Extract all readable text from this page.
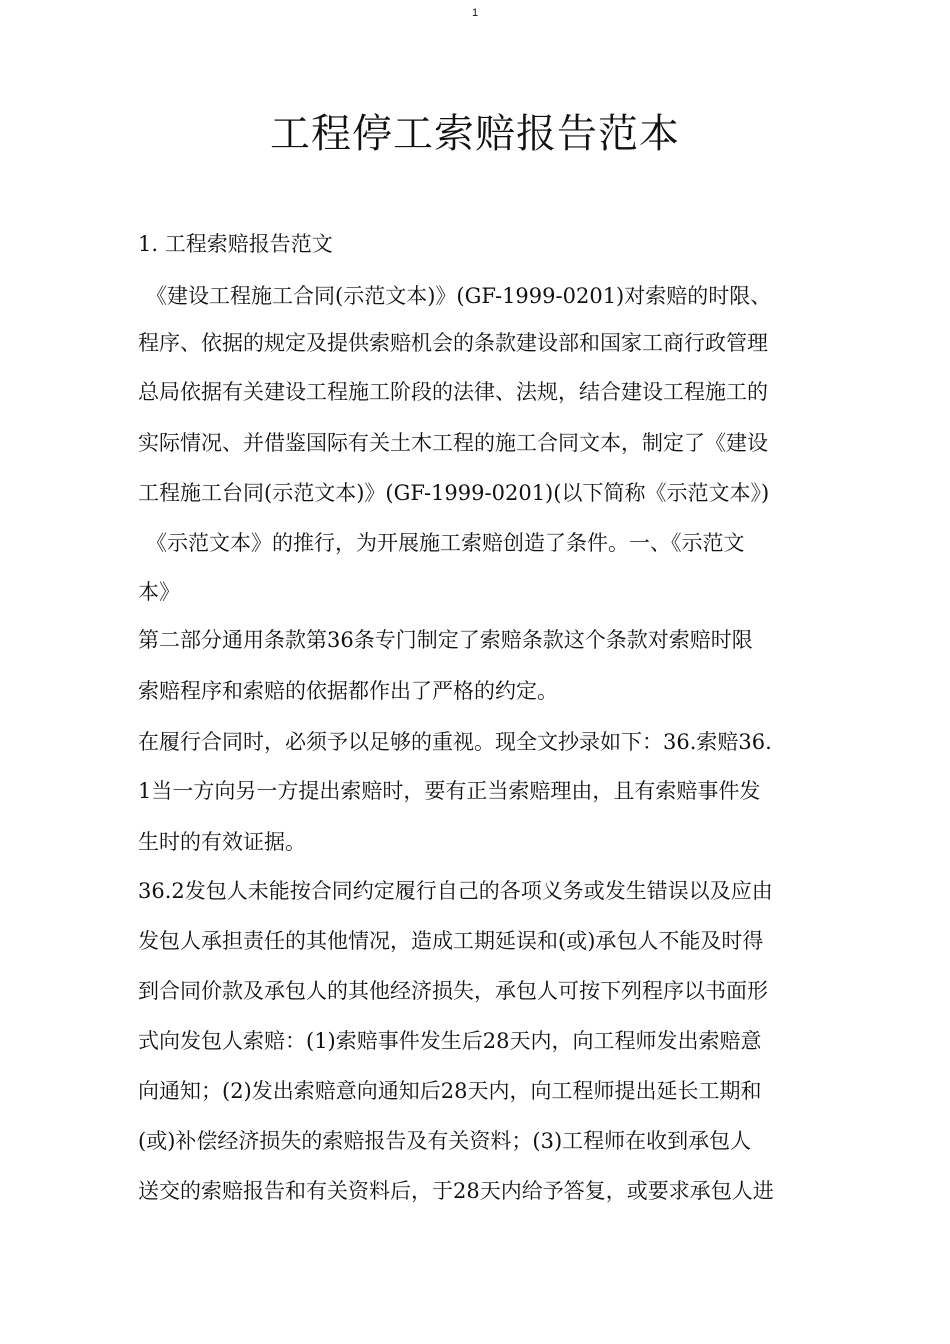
1
工程停工索赔报告范本
1. 工程索赔报告范文
《建设工程施工合同(示范文本)》(GF-1999-0201)对索赔的时限、
程序、依据的规定及提供索赔机会的条款建设部和国家工商行政管理
总局依据有关建设工程施工阶段的法律、法规，结合建设工程施工的
实际情况、并借鉴国际有关土木工程的施工合同文本，制定了《建设
工程施工台同(示范文本)》(GF-1999-0201)(以下简称《示范文本》)
《示范文本》的推行，为开展施工索赔创造了条件。一、《示范文
本》
第二部分通用条款第36条专门制定了索赔条款这个条款对索赔时限
索赔程序和索赔的依据都作出了严格的约定。
在履行合同时，必须予以足够的重视。现全文抄录如下：36.索赔36.
1当一方向另一方提出索赔时，要有正当索赔理由，且有索赔事件发
生时的有效证据。
36.2发包人未能按合同约定履行自己的各项义务或发生错误以及应由
发包人承担责任的其他情况，造成工期延误和(或)承包人不能及时得
到合同价款及承包人的其他经济损失，承包人可按下列程序以书面形
式向发包人索赔：(1)索赔事件发生后28天内，向工程师发出索赔意
向通知；(2)发出索赔意向通知后28天内，向工程师提出延长工期和
(或)补偿经济损失的索赔报告及有关资料；(3)工程师在收到承包人
送交的索赔报告和有关资料后，于28天内给予答复，或要求承包人进
